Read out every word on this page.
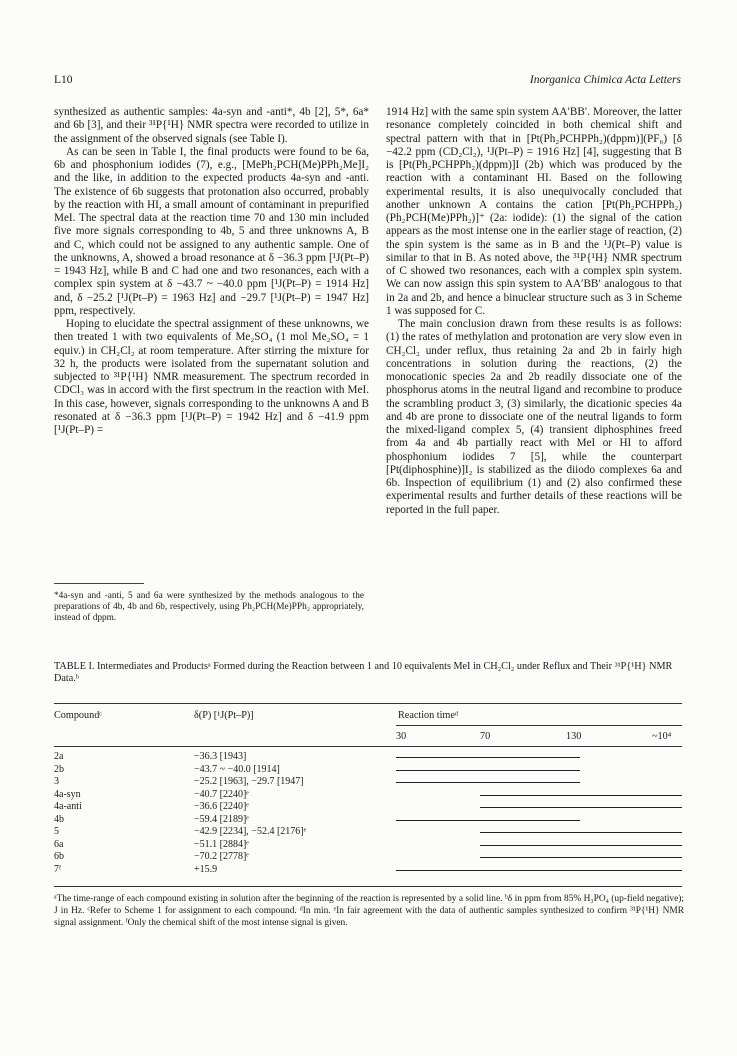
L10	Inorganica Chimica Acta Letters

synthesized as authentic samples: 4a-syn and -anti*, 4b [2], 5*, 6a* and 6b [3], and their ³¹P{¹H} NMR spectra were recorded to utilize in the assignment of the observed signals (see Table I).

As can be seen in Table I, the final products were found to be 6a, 6b and phosphonium iodides (7), e.g., [MePh₂PCH(Me)PPh₂Me]I₂ and the like, in addition to the expected products 4a-syn and -anti. The existence of 6b suggests that protonation also occurred, probably by the reaction with HI, a small amount of contaminant in prepurified MeI. The spectral data at the reaction time 70 and 130 min included five more signals corresponding to 4b, 5 and three unknowns A, B and C, which could not be assigned to any authentic sample. One of the unknowns, A, showed a broad resonance at δ −36.3 ppm [¹J(Pt–P) = 1943 Hz], while B and C had one and two resonances, each with a complex spin system at δ −43.7 ~ −40.0 ppm [¹J(Pt–P) = 1914 Hz] and, δ −25.2 [¹J(Pt–P) = 1963 Hz] and −29.7 [¹J(Pt–P) = 1947 Hz] ppm, respectively.

Hoping to elucidate the spectral assignment of these unknowns, we then treated 1 with two equivalents of Me₂SO₄ (1 mol Me₂SO₄ = 1 equiv.) in CH₂Cl₂ at room temperature. After stirring the mixture for 32 h, the products were isolated from the supernatant solution and subjected to ³¹P{¹H} NMR measurement. The spectrum recorded in CDCl₃ was in accord with the first spectrum in the reaction with MeI. In this case, however, signals corresponding to the unknowns A and B resonated at δ −36.3 ppm [¹J(Pt–P) = 1942 Hz] and δ −41.9 ppm [¹J(Pt–P) =

1914 Hz] with the same spin system AA′BB′. Moreover, the latter resonance completely coincided in both chemical shift and spectral pattern with that in [Pt(Ph₂PCHPPh₂)(dppm)](PF₆) [δ −42.2 ppm (CD₂Cl₂), ¹J(Pt–P) = 1916 Hz] [4], suggesting that B is [Pt(Ph₂PCHPPh₂)(dppm)]I (2b) which was produced by the reaction with a contaminant HI. Based on the following experimental results, it is also unequivocally concluded that another unknown A contains the cation [Pt(Ph₂PCHPPh₂)(Ph₂PCH(Me)PPh₂)]⁺ (2a: iodide): (1) the signal of the cation appears as the most intense one in the earlier stage of reaction, (2) the spin system is the same as in B and the ¹J(Pt–P) value is similar to that in B. As noted above, the ³¹P{¹H} NMR spectrum of C showed two resonances, each with a complex spin system. We can now assign this spin system to AA′BB′ analogous to that in 2a and 2b, and hence a binuclear structure such as 3 in Scheme 1 was supposed for C.

The main conclusion drawn from these results is as follows: (1) the rates of methylation and protonation are very slow even in CH₂Cl₂ under reflux, thus retaining 2a and 2b in fairly high concentrations in solution during the reactions, (2) the monocationic species 2a and 2b readily dissociate one of the phosphorus atoms in the neutral ligand and recombine to produce the scrambling product 3, (3) similarly, the dicationic species 4a and 4b are prone to dissociate one of the neutral ligands to form the mixed-ligand complex 5, (4) transient diphosphines freed from 4a and 4b partially react with MeI or HI to afford phosphonium iodides 7 [5], while the counterpart [Pt(diphosphine)]I₂ is stabilized as the diiodo complexes 6a and 6b. Inspection of equilibrium (1) and (2) also confirmed these experimental results and further details of these reactions will be reported in the full paper.

*4a-syn and -anti, 5 and 6a were synthesized by the methods analogous to the preparations of 4b, 4b and 6b, respectively, using Ph₂PCH(Me)PPh₂ appropriately, instead of dppm.
TABLE I. Intermediates and Productsᵃ Formed during the Reaction between 1 and 10 equivalents MeI in CH₂Cl₂ under Reflux and Their ³¹P{¹H} NMR Data.ᵇ
Compoundᶜ	δ(P) [¹J(Pt–P)]	Reaction timeᵈ
30	70	130	~10⁴
2a	−36.3 [1943]
2b	−43.7 ~ −40.0 [1914]
3	−25.2 [1963], −29.7 [1947]
4a-syn	−40.7 [2240]ᵉ
4a-anti	−36.6 [2240]ᵉ
4b	−59.4 [2189]ᵉ
5	−42.9 [2234], −52.4 [2176]ᵉ
6a	−51.1 [2884]ᵉ
6b	−70.2 [2778]ᵉ
7ᶠ	+15.9
ᵃThe time-range of each compound existing in solution after the beginning of the reaction is represented by a solid line. ᵇδ in ppm from 85% H₃PO₄ (up-field negative); J in Hz. ᶜRefer to Scheme 1 for assignment to each compound. ᵈIn min. ᵉIn fair agreement with the data of authentic samples synthesized to confirm ³¹P{¹H} NMR signal assignment. ᶠOnly the chemical shift of the most intense signal is given.
